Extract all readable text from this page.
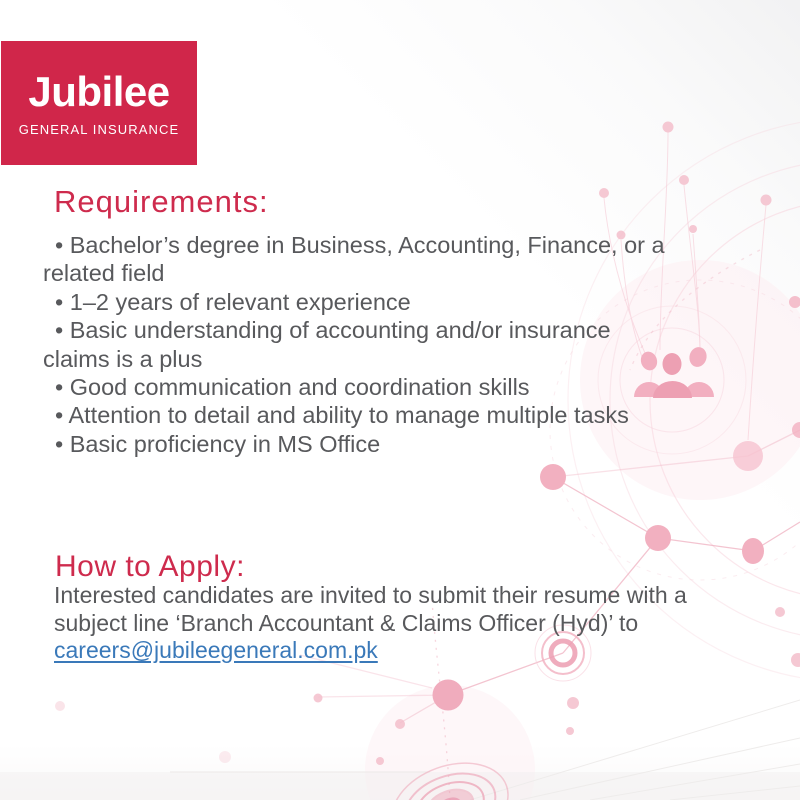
Jubilee
GENERAL INSURANCE
Requirements:
• Bachelor’s degree in Business, Accounting, Finance, or a
related field
• 1–2 years of relevant experience
• Basic understanding of accounting and/or insurance
claims is a plus
• Good communication and coordination skills
• Attention to detail and ability to manage multiple tasks
• Basic proficiency in MS Office
How to Apply:
Interested candidates are invited to submit their resume with a
subject line ‘Branch Accountant & Claims Officer (Hyd)’ to
careers@jubileegeneral.com.pk
